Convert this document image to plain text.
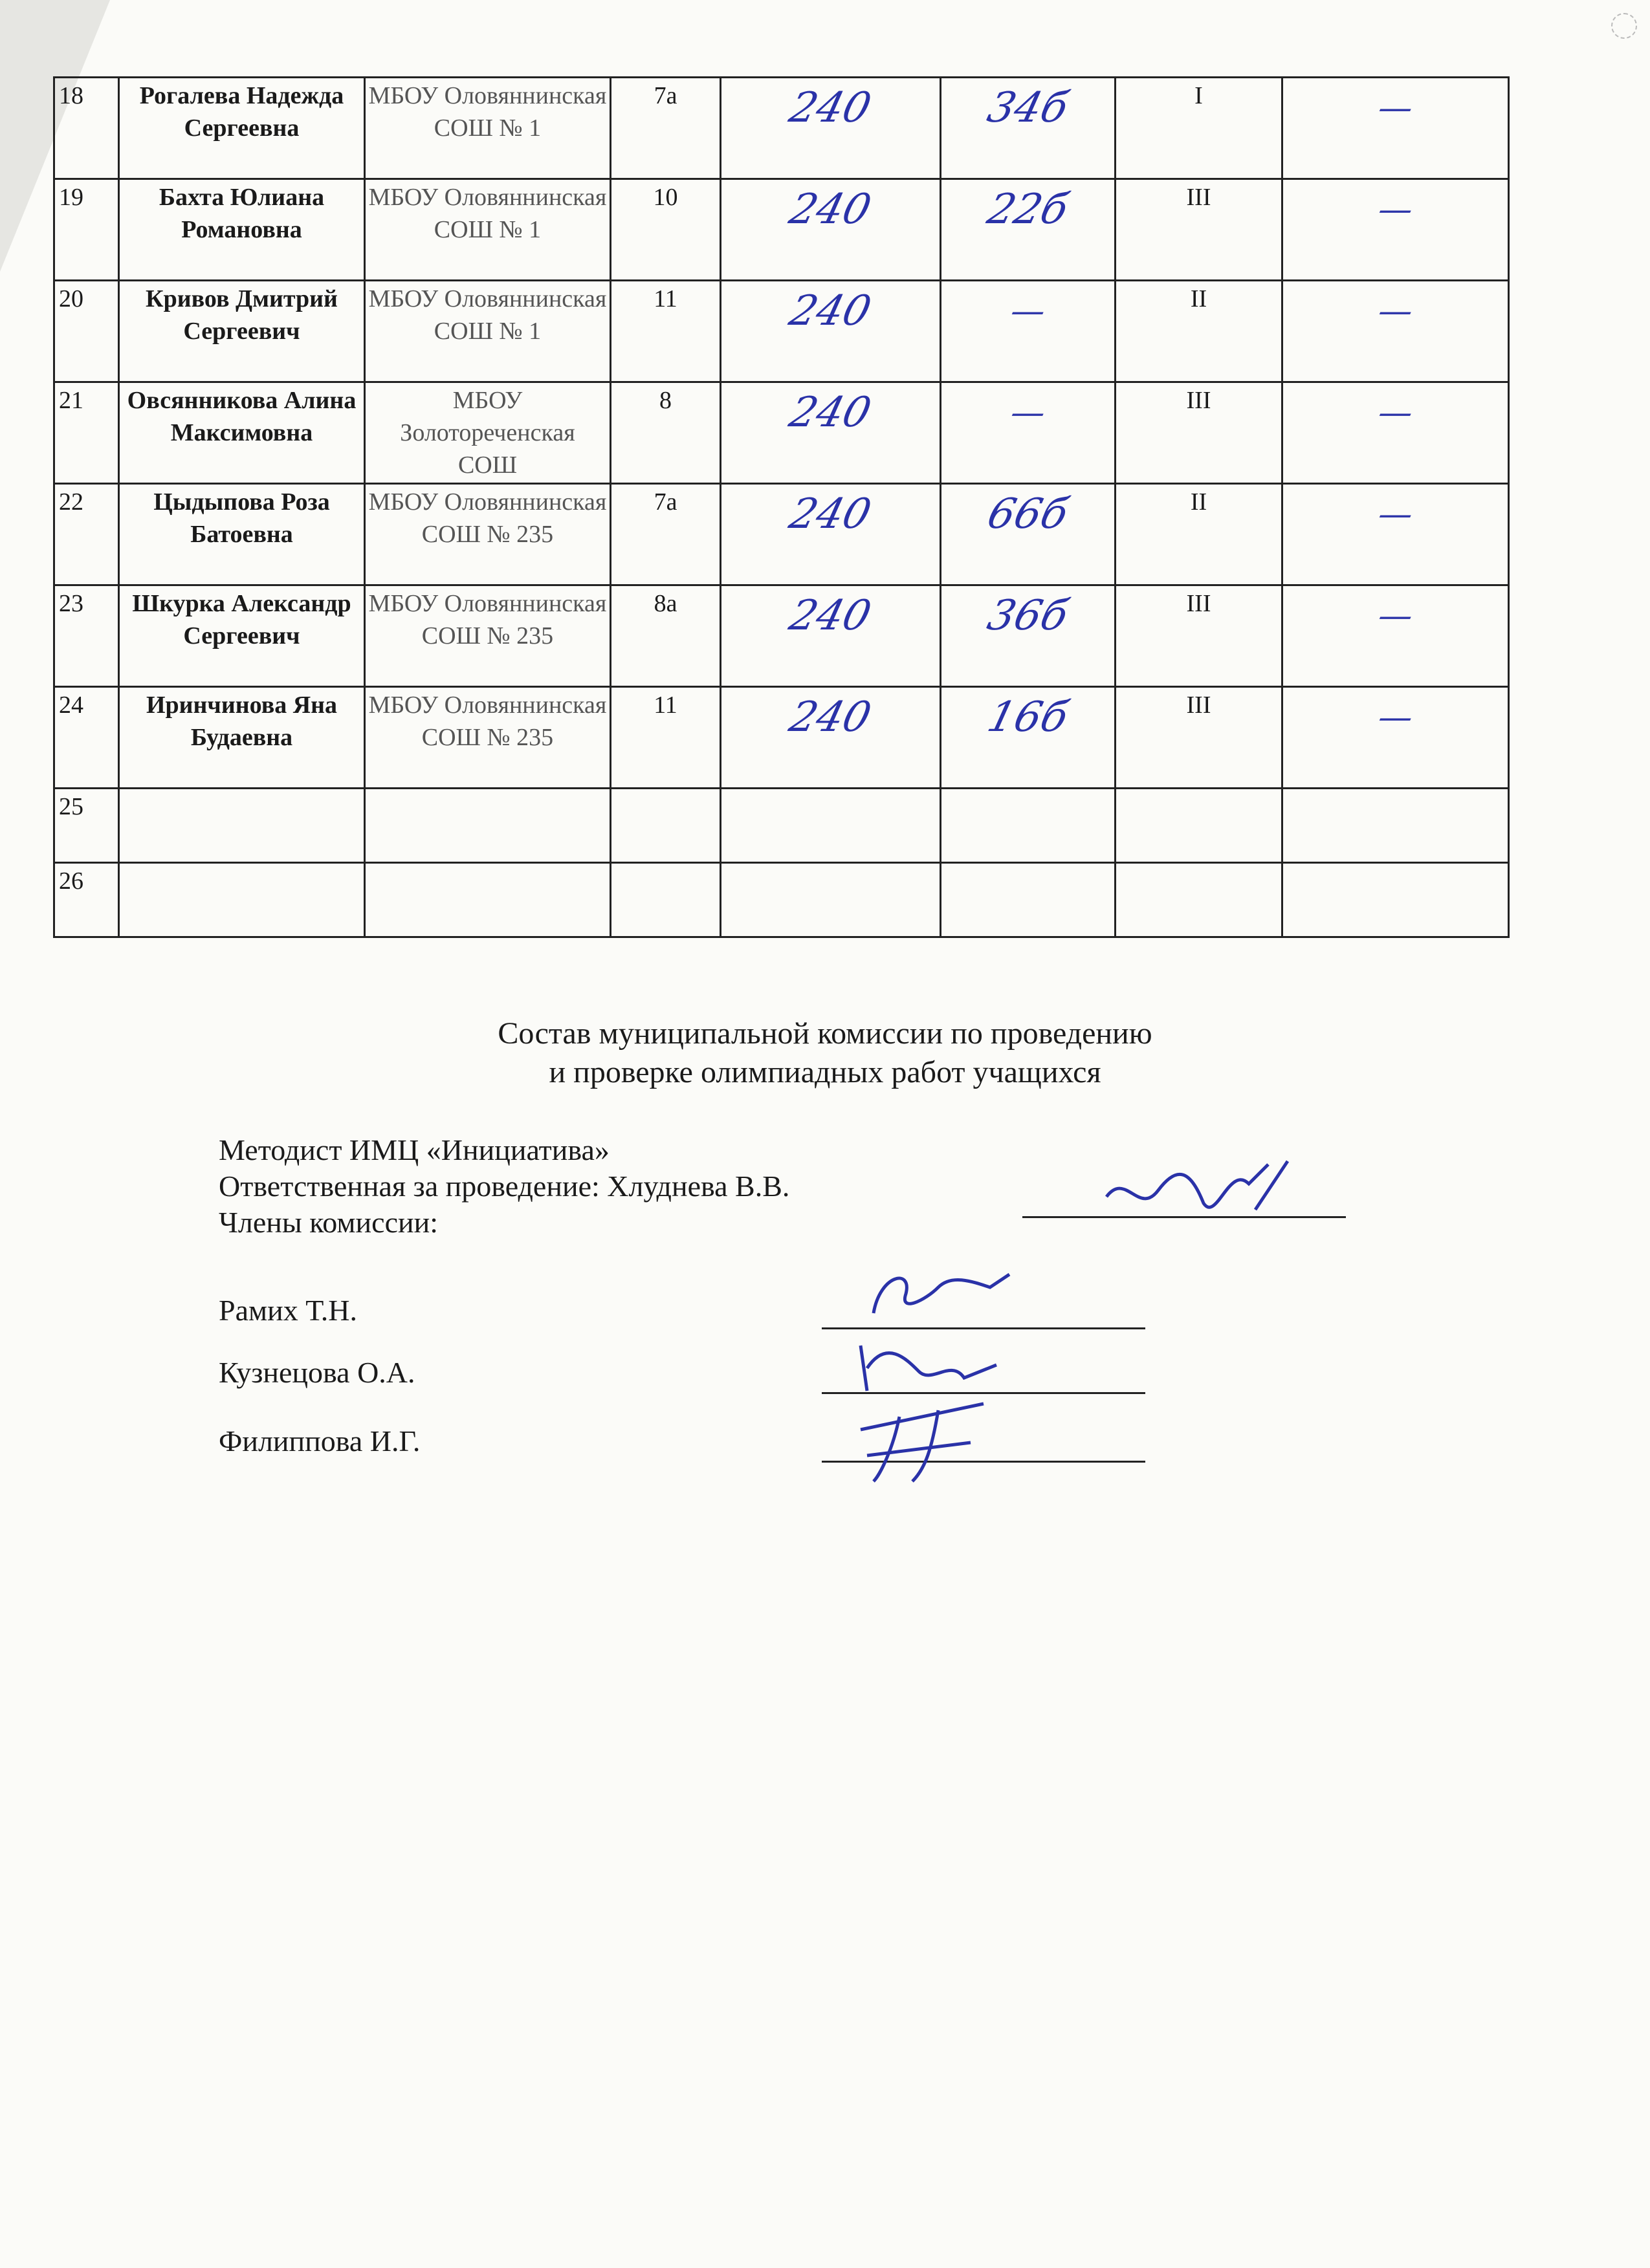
18	Рогалева Надежда Сергеевна	МБОУ Оловяннинская СОШ № 1	7а	240	34б	I	—
19	Бахта Юлиана Романовна	МБОУ Оловяннинская СОШ № 1	10	240	22б	III	—
20	Кривов Дмитрий Сергеевич	МБОУ Оловяннинская СОШ № 1	11	240	—	II	—
21	Овсянникова Алина Максимовна	МБОУ Золотореченская СОШ	8	240	—	III	—
22	Цыдыпова Роза Батоевна	МБОУ Оловяннинская СОШ № 235	7а	240	66б	II	—
23	Шкурка Александр Сергеевич	МБОУ Оловяннинская СОШ № 235	8а	240	36б	III	—
24	Иринчинова Яна Будаевна	МБОУ Оловяннинская СОШ № 235	11	240	16б	III	—
25							
26							
Состав муниципальной комиссии по проведению
и проверке олимпиадных работ учащихся
Методист ИМЦ «Инициатива»
Ответственная за проведение: Хлуднева В.В.
Члены комиссии:
Рамих Т.Н.
Кузнецова О.А.
Филиппова И.Г.
